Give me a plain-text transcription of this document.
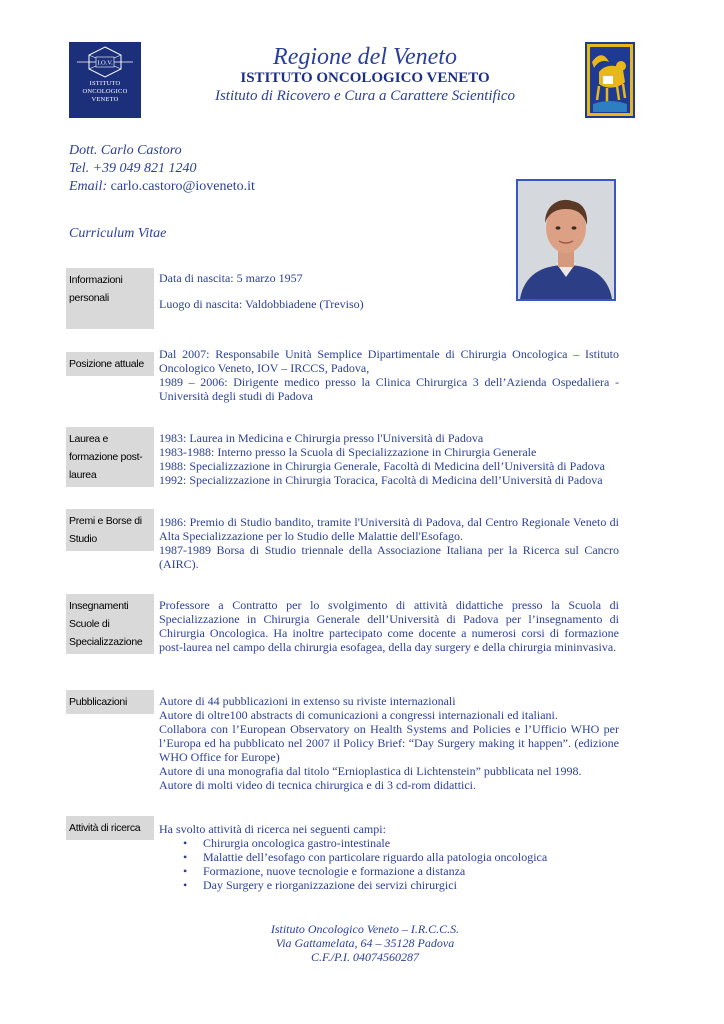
I.O.V.
ISTITUTO
ONCOLOGICO
VENETO
Regione del Veneto
ISTITUTO ONCOLOGICO VENETO
Istituto di Ricovero e Cura a Carattere Scientifico
Dott. Carlo Castoro
Tel. +39 049 821 1240
Email: carlo.castoro@ioveneto.it
Curriculum Vitae
Informazioni personali

Data di nascita: 5 marzo 1957

Luogo di nascita: Valdobbiadene (Treviso)

Posizione attuale

Dal 2007: Responsabile Unità Semplice Dipartimentale di Chirurgia Oncologica – Istituto Oncologico Veneto, IOV – IRCCS, Padova,

1989 – 2006: Dirigente medico presso la Clinica Chirurgica 3 dell’Azienda Ospedaliera - Università degli studi di Padova

Laurea e formazione post-laurea

1983: Laurea in Medicina e Chirurgia presso l'Università di Padova

1983-1988: Interno presso la Scuola di Specializzazione in Chirurgia Generale

1988: Specializzazione in Chirurgia Generale, Facoltà di Medicina dell’Università di Padova

1992: Specializzazione in Chirurgia Toracica, Facoltà di Medicina dell’Università di Padova

Premi e Borse di Studio

1986: Premio di Studio bandito, tramite l'Università di Padova, dal Centro Regionale Veneto di Alta Specializzazione per lo Studio delle Malattie dell'Esofago.

1987-1989 Borsa di Studio triennale della Associazione Italiana per la Ricerca sul Cancro (AIRC).

Insegnamenti Scuole di Specializzazione

Professore a Contratto per lo svolgimento di attività didattiche presso la Scuola di Specializzazione in Chirurgia Generale dell’Università di Padova per l’insegnamento di Chirurgia Oncologica. Ha inoltre partecipato come docente a numerosi corsi di formazione post-laurea nel campo della chirurgia esofagea, della day surgery e della chirurgia mininvasiva.

Pubblicazioni	Autore di 44 pubblicazioni in extenso su riviste internazionali

Autore di oltre100 abstracts di comunicazioni a congressi internazionali ed italiani.

Collabora con l’European Observatory on Health Systems and Policies e l’Ufficio WHO per l’Europa ed ha pubblicato nel 2007 il Policy Brief: “Day Surgery making it happen”. (edizione WHO Office for Europe)

Autore di una monografia dal titolo “Ernioplastica di Lichtenstein” pubblicata nel 1998.

Autore di molti video di tecnica chirurgica e di 3 cd-rom didattici.

Attività di ricerca	Ha svolto attività di ricerca nei seguenti campi:

• Chirurgia oncologica gastro-intestinale
• Malattie dell’esofago con particolare riguardo alla patologia oncologica
• Formazione, nuove tecnologie e formazione a distanza
• Day Surgery e riorganizzazione dei servizi chirurgici
Istituto Oncologico Veneto – I.R.C.C.S.
Via Gattamelata, 64 – 35128 Padova
C.F./P.I. 04074560287
